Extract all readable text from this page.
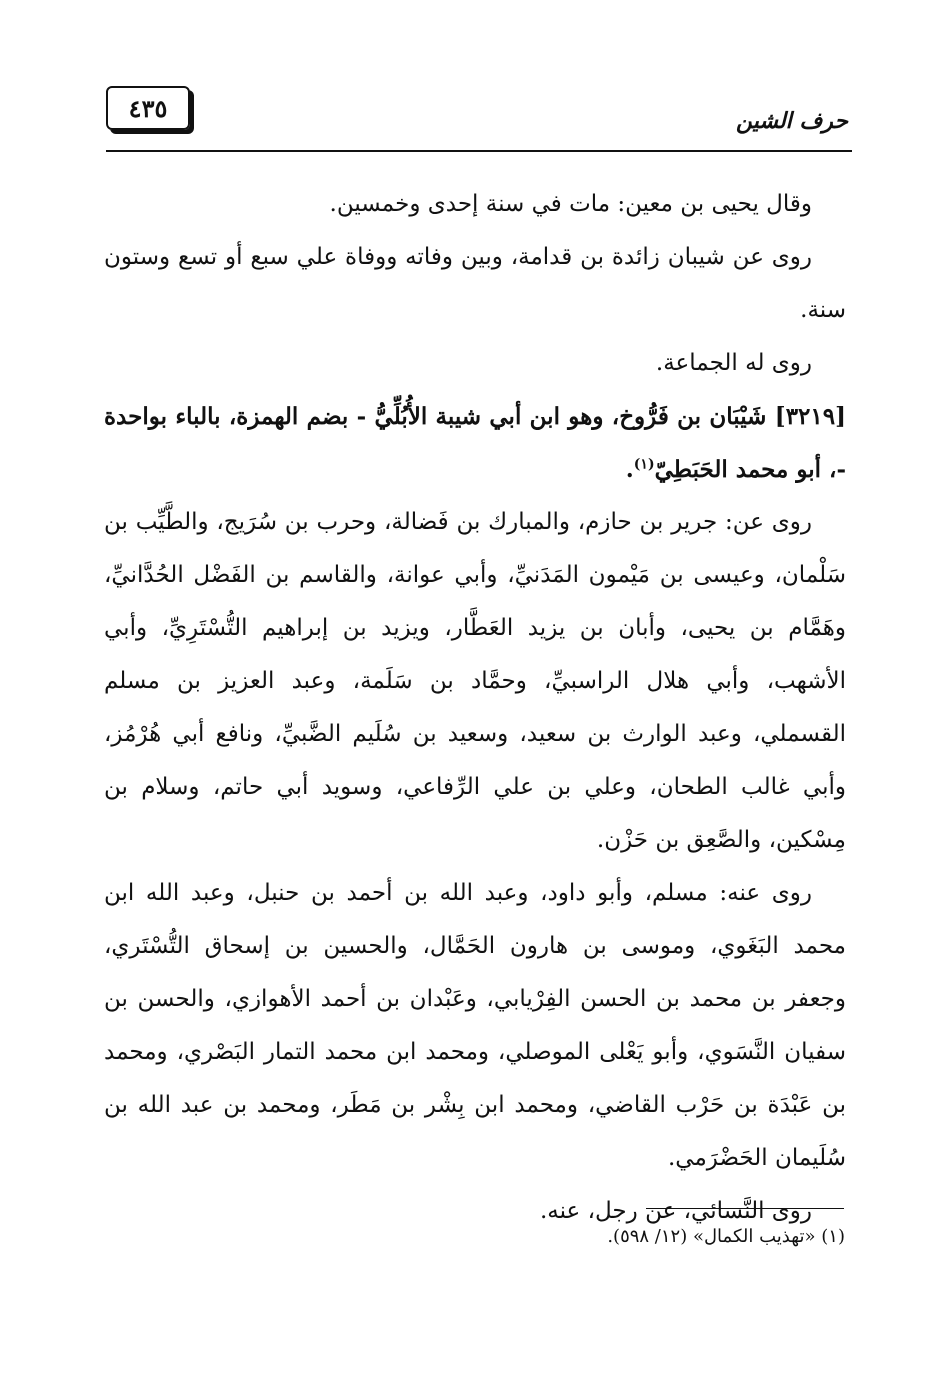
٤٣٥	حرف الشين

وقال يحيى بن معين: مات في سنة إحدى وخمسين.

روى عن شيبان زائدة بن قدامة، وبين وفاته ووفاة علي سبع أو تسع وستون سنة.

روى له الجماعة.

[٣٢١٩] شَيْبَان بن فَرُّوخ، وهو ابن أبي شيبة الأُبُلِّيُّ - بضم الهمزة، بالباء بواحدة -، أبو محمد الحَبَطِيّ$^{(١)}$.

روى عن: جرير بن حازم، والمبارك بن فَضالة، وحرب بن سُرَيج، والطَّيِّب بن سَلْمان، وعيسى بن مَيْمون المَدَنيِّ، وأبي عوانة، والقاسم بن الفَضْل الحُدَّانيِّ، وهَمَّام بن يحيى، وأبان بن يزيد العَطَّار، ويزيد بن إبراهيم التُّسْتَرِيِّ، وأبي الأشهب، وأبي هلال الراسبيِّ، وحمَّاد بن سَلَمة، وعبد العزيز بن مسلم القسملي، وعبد الوارث بن سعيد، وسعيد بن سُلَيم الضَّبيِّ، ونافع أبي هُرْمُز، وأبي غالب الطحان، وعلي بن علي الرِّفاعي، وسويد أبي حاتم، وسلام بن مِسْكين، والصَّعِق بن حَزْن.

روى عنه: مسلم، وأبو داود، وعبد الله بن أحمد بن حنبل، وعبد الله ابن محمد البَغَوي، وموسى بن هارون الحَمَّال، والحسين بن إسحاق التُّسْتَري، وجعفر بن محمد بن الحسن الفِرْيابي، وعَبْدان بن أحمد الأهوازي، والحسن بن سفيان النَّسَوي، وأبو يَعْلى الموصلي، ومحمد ابن محمد التمار البَصْري، ومحمد بن عَبْدَة بن حَرْب القاضي، ومحمد ابن بِشْر بن مَطَر، ومحمد بن عبد الله بن سُلَيمان الحَضْرَمي.

روى النَّسائي، عن رجل، عنه.

(١) «تهذيب الكمال» (١٢/ ٥٩٨).
